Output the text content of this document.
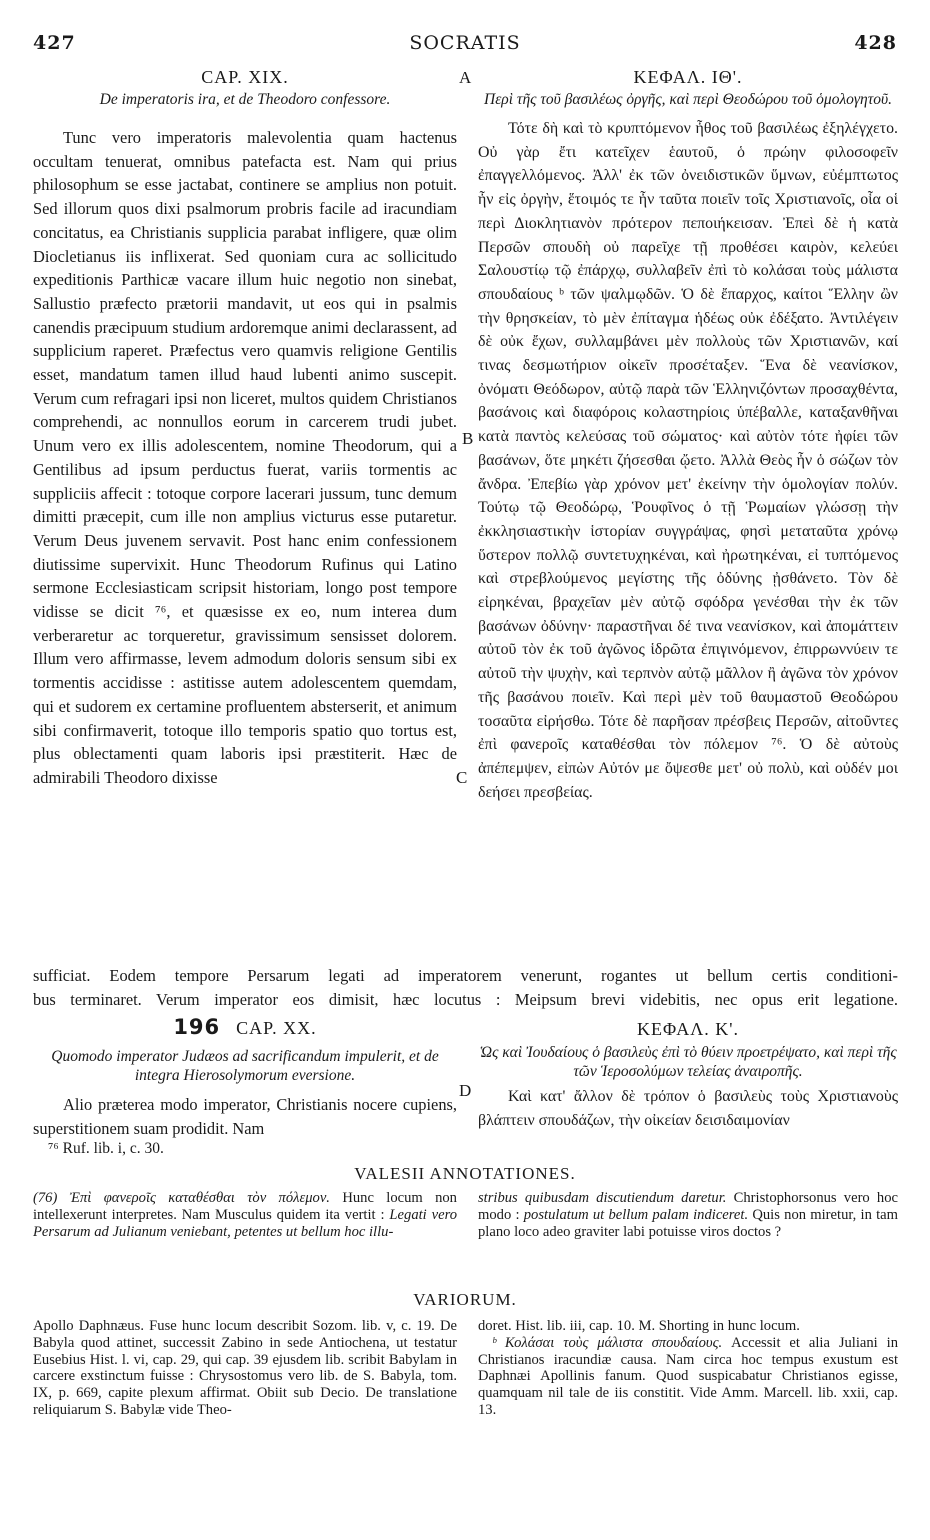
427	SOCRATIS	428
A
B
C
D
CAP. XIX.
De imperatoris ira, et de Theodoro confessore.
Tunc vero imperatoris malevolentia quam hactenus occultam tenuerat, omnibus patefacta est. Nam qui prius philosophum se esse jactabat, continere se amplius non potuit. Sed illorum quos dixi psalmorum probris facile ad iracundiam concitatus, ea Christianis supplicia parabat infligere, quæ olim Diocletianus iis inflixerat. Sed quoniam cura ac sollicitudo expeditionis Parthicæ vacare illum huic negotio non sinebat, Sallustio præfecto prætorii mandavit, ut eos qui in psalmis canendis præcipuum studium ardoremque animi declarassent, ad supplicium raperet. Præfectus vero quamvis religione Gentilis esset, mandatum tamen illud haud lubenti animo suscepit. Verum cum refragari ipsi non liceret, multos quidem Christianos comprehendi, ac nonnullos eorum in carcerem trudi jubet. Unum vero ex illis adolescentem, nomine Theodorum, qui a Gentilibus ad ipsum perductus fuerat, variis tormentis ac suppliciis affecit : totoque corpore lacerari jussum, tunc demum dimitti præcepit, cum ille non amplius victurus esse putaretur. Verum Deus juvenem servavit. Post hanc enim confessionem diutissime supervixit. Hunc Theodorum Rufinus qui Latino sermone Ecclesiasticam scripsit historiam, longo post tempore vidisse se dicit ⁷⁶, et quæsisse ex eo, num interea dum verberaretur ac torqueretur, gravissimum sensisset dolorem. Illum vero affirmasse, levem admodum doloris sensum sibi ex tormentis accidisse : astitisse autem adolescentem quemdam, qui et sudorem ex certamine profluentem absterserit, et animum sibi confirmaverit, totoque illo temporis spatio quo tortus est, plus oblectamenti quam laboris ipsi præstiterit. Hæc de admirabili Theodoro dixisse
ΚΕΦΑΛ. ΙΘ'.
Περὶ τῆς τοῦ βασιλέως ὀργῆς, καὶ περὶ Θεοδώρου τοῦ ὁμολογητοῦ.
Τότε δὴ καὶ τὸ κρυπτόμενον ἦθος τοῦ βασιλέως ἐξηλέγχετο. Οὐ γὰρ ἔτι κατεῖχεν ἑαυτοῦ, ὁ πρώην φιλοσοφεῖν ἐπαγγελλόμενος. Ἀλλ' ἐκ τῶν ὀνειδιστικῶν ὕμνων, εὐέμπτωτος ἦν εἰς ὀργὴν, ἕτοιμός τε ἦν ταῦτα ποιεῖν τοῖς Χριστιανοῖς, οἷα οἱ περὶ Διοκλητιανὸν πρότερον πεποιήκεισαν. Ἐπεὶ δὲ ἡ κατὰ Περσῶν σπουδὴ οὐ παρεῖχε τῇ προθέσει καιρὸν, κελεύει Σαλουστίῳ τῷ ἐπάρχῳ, συλλαβεῖν ἐπὶ τὸ κολάσαι τοὺς μάλιστα σπουδαίους ᵇ τῶν ψαλμῳδῶν. Ὁ δὲ ἔπαρχος, καίτοι Ἕλλην ὢν τὴν θρησκείαν, τὸ μὲν ἐπίταγμα ἡδέως οὐκ ἐδέξατο. Ἀντιλέγειν δὲ οὐκ ἔχων, συλλαμβάνει μὲν πολλοὺς τῶν Χριστιανῶν, καί τινας δεσμωτήριον οἰκεῖν προσέταξεν. Ἕνα δὲ νεανίσκον, ὀνόματι Θεόδωρον, αὐτῷ παρὰ τῶν Ἑλληνιζόντων προσαχθέντα, βασάνοις καὶ διαφόροις κολαστηρίοις ὑπέβαλλε, καταξανθῆναι κατὰ παντὸς κελεύσας τοῦ σώματος· καὶ αὐτὸν τότε ἠφίει τῶν βασάνων, ὅτε μηκέτι ζήσεσθαι ᾤετο. Ἀλλὰ Θεὸς ἦν ὁ σώζων τὸν ἄνδρα. Ἐπεβίω γὰρ χρόνον μετ' ἐκείνην τὴν ὁμολογίαν πολύν. Τούτῳ τῷ Θεοδώρῳ, Ῥουφῖνος ὁ τῇ Ῥωμαίων γλώσσῃ τὴν ἐκκλησιαστικὴν ἱστορίαν συγγράψας, φησὶ μεταταῦτα χρόνῳ ὕστερον πολλῷ συντετυχηκέναι, καὶ ἠρωτηκέναι, εἰ τυπτόμενος καὶ στρεβλούμενος μεγίστης τῆς ὀδύνης ᾐσθάνετο. Τὸν δὲ εἰρηκέναι, βραχεῖαν μὲν αὐτῷ σφόδρα γενέσθαι τὴν ἐκ τῶν βασάνων ὀδύνην· παραστῆναι δέ τινα νεανίσκον, καὶ ἀπομάττειν αὐτοῦ τὸν ἐκ τοῦ ἀγῶνος ἱδρῶτα ἐπιγινόμενον, ἐπιρρωννύειν τε αὐτοῦ τὴν ψυχὴν, καὶ τερπνὸν αὐτῷ μᾶλλον ἢ ἀγῶνα τὸν χρόνον τῆς βασάνου ποιεῖν. Καὶ περὶ μὲν τοῦ θαυμαστοῦ Θεοδώρου τοσαῦτα εἰρήσθω. Τότε δὲ παρῆσαν πρέσβεις Περσῶν, αἰτοῦντες ἐπὶ φανεροῖς καταθέσθαι τὸν πόλεμον ⁷⁶. Ὁ δὲ αὐτοὺς ἀπέπεμψεν, εἰπὼν Αὐτόν με ὄψεσθε μετ' οὐ πολὺ, καὶ οὐδέν μοι δεήσει πρεσβείας.
sufficiat. Eodem tempore Persarum legati ad imperatorem venerunt, rogantes ut bellum certis conditioni-
bus terminaret. Verum imperator eos dimisit, hæc locutus : Meipsum brevi videbitis, nec opus erit legatione.
196 CAP. XX.
Quomodo imperator Judæos ad sacrificandum impulerit, et de integra Hierosolymorum eversione.
Alio præterea modo imperator, Christianis nocere cupiens, superstitionem suam prodidit. Nam
ΚΕΦΑΛ. Κ'.
Ὡς καὶ Ἰουδαίους ὁ βασιλεὺς ἐπὶ τὸ θύειν προετρέψατο, καὶ περὶ τῆς τῶν Ἱεροσολύμων τελείας ἀναιροπῆς.
Καὶ κατ' ἄλλον δὲ τρόπον ὁ βασιλεὺς τοὺς Χριστιανοὺς βλάπτειν σπουδάζων, τὴν οἰκείαν δεισιδαιμονίαν
⁷⁶ Ruf. lib. i, c. 30.
VALESII ANNOTATIONES.

(76) Ἐπὶ φανεροῖς καταθέσθαι τὸν πόλεμον. Hunc locum non intellexerunt interpretes. Nam Musculus quidem ita vertit : Legati vero Persarum ad Julianum veniebant, petentes ut bellum hoc illu-

stribus quibusdam discutiendum daretur. Christophorsonus vero hoc modo : postulatum ut bellum palam indiceret. Quis non miretur, in tam plano loco adeo graviter labi potuisse viros doctos ?

VARIORUM.

Apollo Daphnæus. Fuse hunc locum describit Sozom. lib. v, c. 19. De Babyla quod attinet, successit Zabino in sede Antiochena, ut testatur Eusebius Hist. l. vi, cap. 29, qui cap. 39 ejusdem lib. scribit Babylam in carcere exstinctum fuisse : Chrysostomus vero lib. de S. Babyla, tom. IX, p. 669, capite plexum affirmat. Obiit sub Decio. De translatione reliquiarum S. Babylæ vide Theo-

doret. Hist. lib. iii, cap. 10. M. Shorting in hunc locum.

ᵇ Κολάσαι τοὺς μάλιστα σπουδαίους. Accessit et alia Juliani in Christianos iracundiæ causa. Nam circa hoc tempus exustum est Daphnæi Apollinis fanum. Quod suspicabatur Christianos egisse, quamquam nil tale de iis constitit. Vide Amm. Marcell. lib. xxii, cap. 13.
